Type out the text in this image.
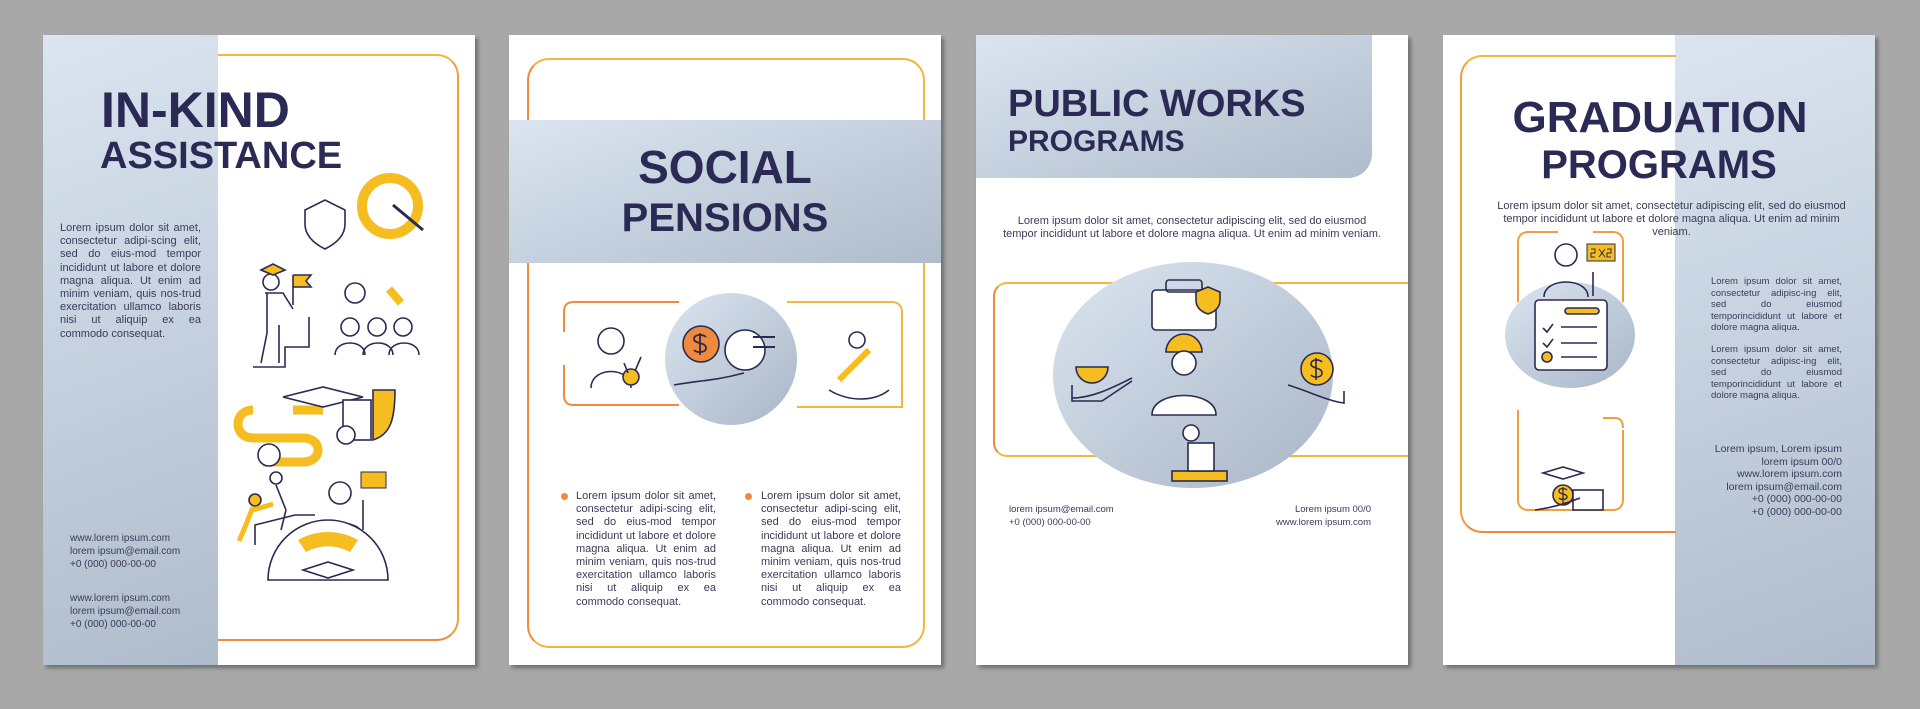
IN-KIND
ASSISTANCE
Lorem ipsum dolor sit amet, consectetur adipi-scing elit, sed do eius-mod tempor incididunt ut labore et dolore magna aliqua. Ut enim ad minim veniam, quis nos-trud exercitation ullamco laboris nisi ut aliquip ex ea commodo consequat.
www.lorem ipsum.com
lorem ipsum@email.com
+0 (000) 000-00-00
www.lorem ipsum.com
lorem ipsum@email.com
+0 (000) 000-00-00
SOCIAL
PENSIONS
Lorem ipsum dolor sit amet, consectetur adipi-scing elit, sed do eius-mod tempor incididunt ut labore et dolore magna aliqua. Ut enim ad minim veniam, quis nos-trud exercitation ullamco laboris nisi ut aliquip ex ea commodo consequat.
Lorem ipsum dolor sit amet, consectetur adipi-scing elit, sed do eius-mod tempor incididunt ut labore et dolore magna aliqua. Ut enim ad minim veniam, quis nos-trud exercitation ullamco laboris nisi ut aliquip ex ea commodo consequat.
PUBLIC WORKS
PROGRAMS
Lorem ipsum dolor sit amet, consectetur adipiscing elit, sed do eiusmod tempor incididunt ut labore et dolore magna aliqua. Ut enim ad minim veniam.
lorem ipsum@email.com
+0 (000) 000-00-00
Lorem ipsum 00/0
www.lorem ipsum.com
GRADUATION
PROGRAMS
Lorem ipsum dolor sit amet, consectetur adipiscing elit, sed do eiusmod tempor incididunt ut labore et dolore magna aliqua. Ut enim ad minim veniam.
Lorem ipsum dolor sit amet, consectetur adipisc-ing elit, sed do eiusmod temporincididunt ut labore et dolore magna aliqua.
Lorem ipsum dolor sit amet, consectetur adipisc-ing elit, sed do eiusmod temporincididunt ut labore et dolore magna aliqua.
Lorem ipsum, Lorem ipsum
lorem ipsum 00/0
www.lorem ipsum.com
lorem ipsum@email.com
+0 (000) 000-00-00
+0 (000) 000-00-00
